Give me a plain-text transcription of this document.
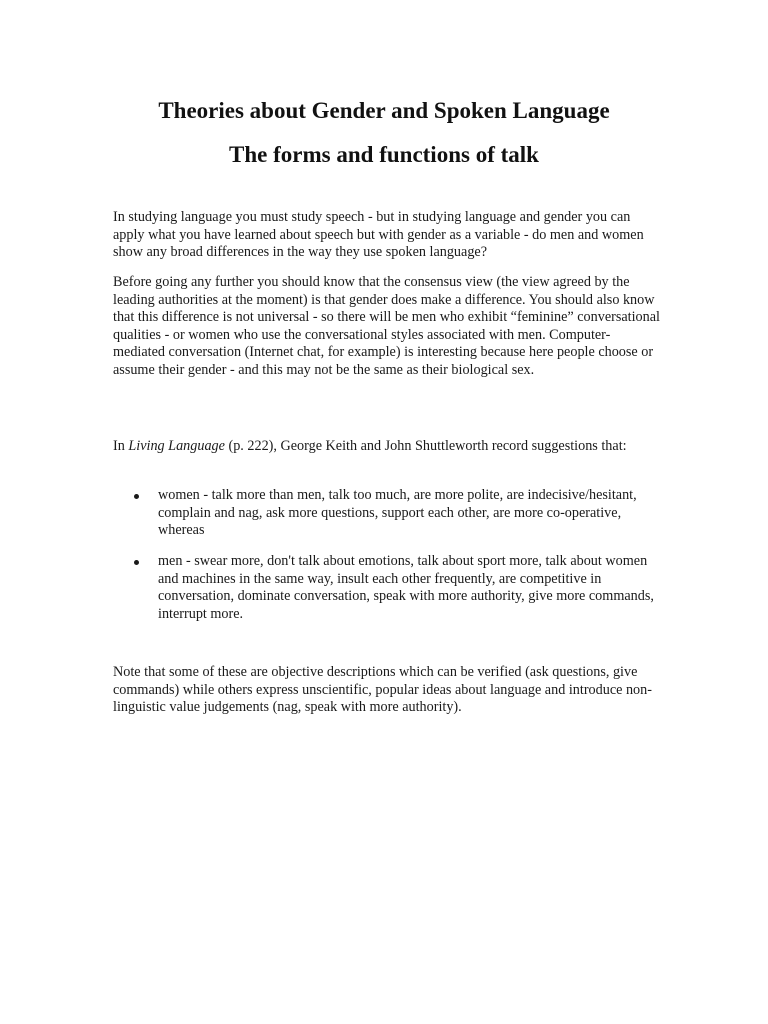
Theories about Gender and Spoken Language
The forms and functions of talk

In studying language you must study speech - but in studying language and gender you can apply what you have learned about speech but with gender as a variable - do men and women show any broad differences in the way they use spoken language?

Before going any further you should know that the consensus view (the view agreed by the leading authorities at the moment) is that gender does make a difference. You should also know that this difference is not universal - so there will be men who exhibit “feminine” conversational qualities - or women who use the conversational styles associated with men. Computer-mediated conversation (Internet chat, for example) is interesting because here people choose or assume their gender - and this may not be the same as their biological sex.

In Living Language (p. 222), George Keith and John Shuttleworth record suggestions that:

women - talk more than men, talk too much, are more polite, are indecisive/hesitant, complain and nag, ask more questions, support each other, are more co-operative, whereas
men - swear more, don't talk about emotions, talk about sport more, talk about women and machines in the same way, insult each other frequently, are competitive in conversation, dominate conversation, speak with more authority, give more commands, interrupt more.

Note that some of these are objective descriptions which can be verified (ask questions, give commands) while others express unscientific, popular ideas about language and introduce non-linguistic value judgements (nag, speak with more authority).
